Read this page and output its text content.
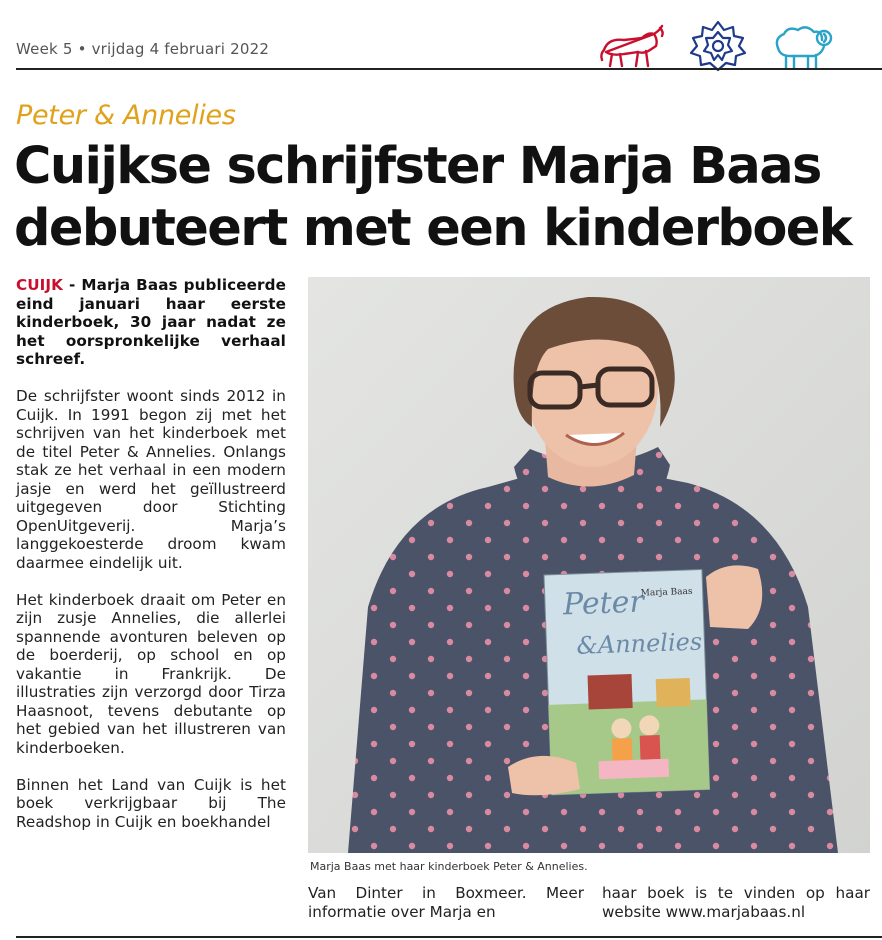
Week 5 • vrijdag 4 februari 2022
Peter & Annelies
Cuijkse schrijfster Marja Baas
debuteert met een kinderboek

CUIJK - Marja Baas publiceerde eind januari haar eerste kinderboek, 30 jaar nadat ze het oorspronkelijke verhaal schreef.

De schrijfster woont sinds 2012 in Cuijk. In 1991 begon zij met het schrijven van het kinderboek met de titel Peter & Annelies. Onlangs stak ze het verhaal in een modern jasje en werd het geïllustreerd uitgegeven door Stichting OpenUitgeverij. Marja’s langgekoesterde droom kwam daarmee eindelijk uit.

Het kinderboek draait om Peter en zijn zusje Annelies, die allerlei spannende avonturen beleven op de boerderij, op school en op vakantie in Frankrijk. De illustraties zijn verzorgd door Tirza Haasnoot, tevens debutante op het gebied van het illustreren van kinderboeken.

Binnen het Land van Cuijk is het boek verkrijgbaar bij The Readshop in Cuijk en boekhandel

Peter
&Annelies
Marja Baas
Marja Baas met haar kinderboek Peter & Annelies.

Van Dinter in Boxmeer. Meer informatie over Marja en

haar boek is te vinden op haar website www.marjabaas.nl
